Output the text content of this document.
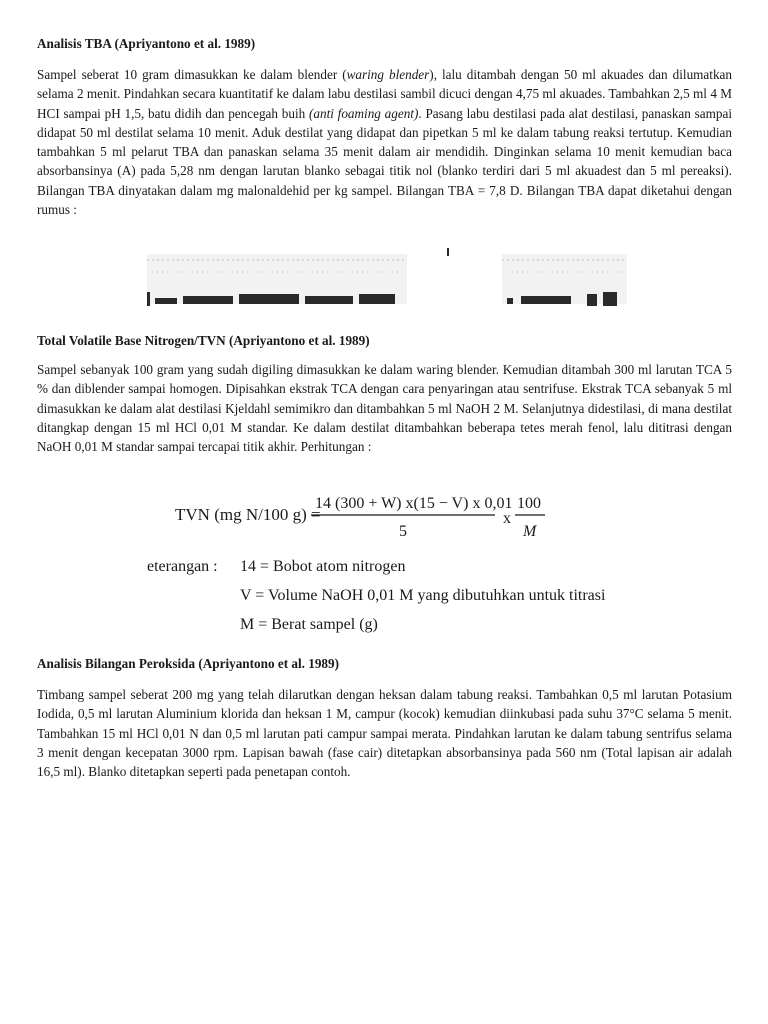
Analisis TBA (Apriyantono et al. 1989)

Sampel seberat 10 gram dimasukkan ke dalam blender (waring blender), lalu ditambah dengan 50 ml akuades dan dilumatkan selama 2 menit. Pindahkan secara kuantitatif ke dalam labu destilasi sambil dicuci dengan 4,75 ml akuades. Tambahkan 2,5 ml 4 M HCI sampai pH 1,5, batu didih dan pencegah buih (anti foaming agent). Pasang labu destilasi pada alat destilasi, panaskan sampai didapat 50 ml destilat selama 10 menit. Aduk destilat yang didapat dan pipetkan 5 ml ke dalam tabung reaksi tertutup. Kemudian tambahkan 5 ml pelarut TBA dan panaskan selama 35 menit dalam air mendidih. Dinginkan selama 10 menit kemudian baca absorbansinya (A) pada 5,28 nm dengan larutan blanko sebagai titik nol (blanko terdiri dari 5 ml akuadest dan 5 ml pereaksi). Bilangan TBA dinyatakan dalam mg malonaldehid per kg sampel. Bilangan TBA = 7,8 D. Bilangan TBA dapat diketahui dengan rumus :

Total Volatile Base Nitrogen/TVN (Apriyantono et al. 1989)

Sampel sebanyak 100 gram yang sudah digiling dimasukkan ke dalam waring blender. Kemudian ditambah 300 ml larutan TCA 5 % dan diblender sampai homogen. Dipisahkan ekstrak TCA dengan cara penyaringan atau sentrifuse. Ekstrak TCA sebanyak 5 ml dimasukkan ke dalam alat destilasi Kjeldahl semimikro dan ditambahkan 5 ml NaOH 2 M. Selanjutnya didestilasi, di mana destilat ditangkap dengan 15 ml HCl 0,01 M standar. Ke dalam destilat ditambahkan beberapa tetes merah fenol, lalu dititrasi dengan NaOH 0,01 M standar sampai tercapai titik akhir. Perhitungan :

TVN (mg N/100 g) =
14 (300 + W) x(15 − V) x 0,01
5
x
100
M
eterangan : 14 = Bobot atom nitrogen
V = Volume NaOH 0,01 M yang dibutuhkan untuk titrasi
M = Berat sampel (g)

Analisis Bilangan Peroksida (Apriyantono et al. 1989)

Timbang sampel seberat 200 mg yang telah dilarutkan dengan heksan dalam tabung reaksi. Tambahkan 0,5 ml larutan Potasium Iodida, 0,5 ml larutan Aluminium klorida dan heksan 1 M, campur (kocok) kemudian diinkubasi pada suhu 37°C selama 5 menit. Tambahkan 15 ml HCl 0,01 N dan 0,5 ml larutan pati campur sampai merata. Pindahkan larutan ke dalam tabung sentrifus selama 3 menit dengan kecepatan 3000 rpm. Lapisan bawah (fase cair) ditetapkan absorbansinya pada 560 nm (Total lapisan air adalah 16,5 ml). Blanko ditetapkan seperti pada penetapan contoh.
